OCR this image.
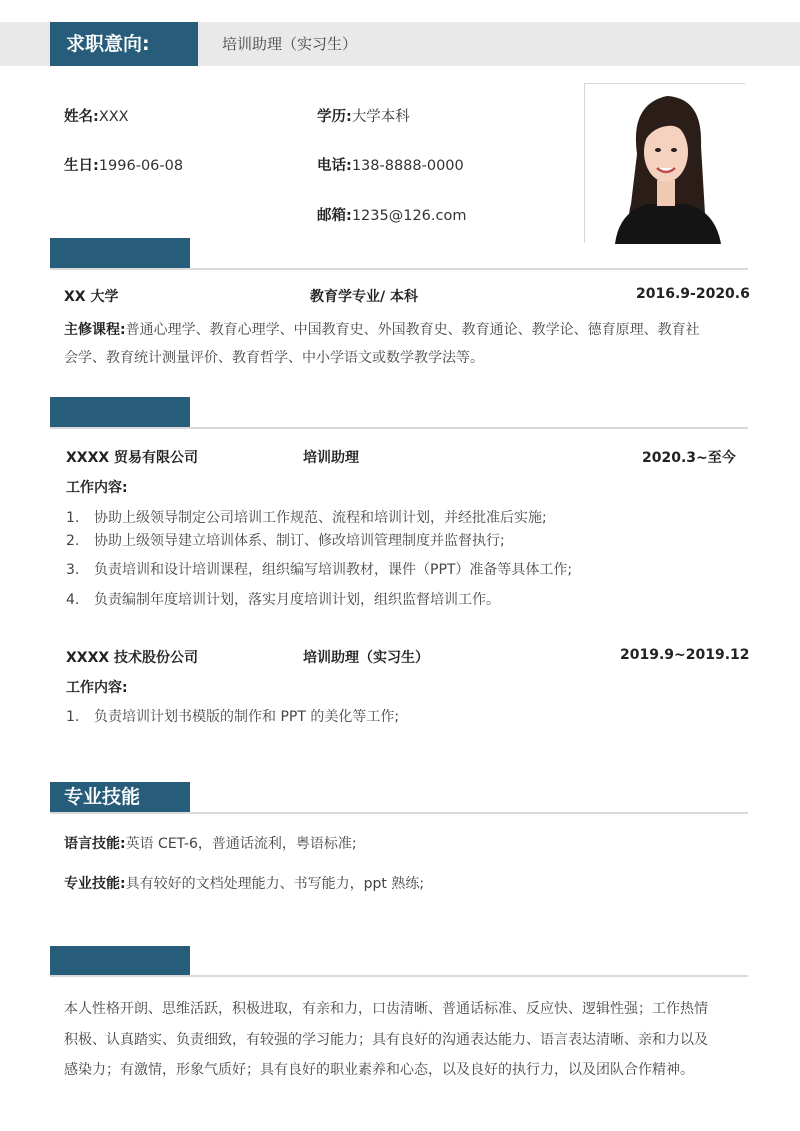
求职意向:	培训助理（实习生）
姓名:XXX	学历:大学本科
生日:1996-06-08	电话:138-8888-0000
邮箱:1235@126.com
XX 大学	教育学专业/ 本科	2016.9-2020.6
主修课程:普通心理学、教育心理学、中国教育史、外国教育史、教育通论、教学论、德育原理、教育社
会学、教育统计测量评价、教育哲学、中小学语文或数学教学法等。
XXXX 贸易有限公司	培训助理	2020.3~至今
工作内容:
1. 协助上级领导制定公司培训工作规范、流程和培训计划，并经批准后实施;
2. 协助上级领导建立培训体系、制订、修改培训管理制度并监督执行;
3. 负责培训和设计培训课程，组织编写培训教材，课件（PPT）准备等具体工作;
4. 负责编制年度培训计划，落实月度培训计划，组织监督培训工作。
XXXX 技术股份公司	培训助理（实习生）	2019.9~2019.12
工作内容:
1. 负责培训计划书模版的制作和 PPT 的美化等工作;
专业技能
语言技能:英语 CET-6，普通话流利，粤语标准;
专业技能:具有较好的文档处理能力、书写能力，ppt 熟练;
本人性格开朗、思维活跃，积极进取，有亲和力，口齿清晰、普通话标准、反应快、逻辑性强；工作热情
积极、认真踏实、负责细致，有较强的学习能力；具有良好的沟通表达能力、语言表达清晰、亲和力以及
感染力；有激情，形象气质好；具有良好的职业素养和心态，以及良好的执行力，以及团队合作精神。
